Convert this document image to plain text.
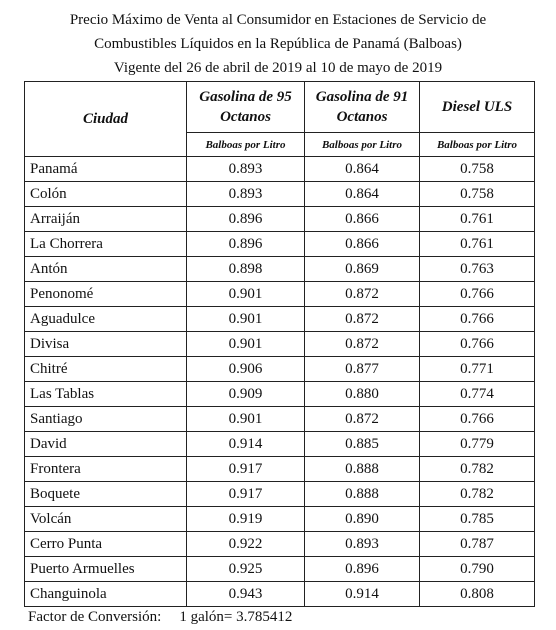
Precio Máximo de Venta al Consumidor en Estaciones de Servicio de
Combustibles Líquidos en la República de Panamá (Balboas)
Vigente del 26 de abril de 2019 al 10 de mayo de 2019
Ciudad	Gasolina de 95 Octanos	Gasolina de 91 Octanos	Diesel ULS
	Balboas por Litro	Balboas por Litro	Balboas por Litro
Panamá	0.893	0.864	0.758
Colón	0.893	0.864	0.758
Arraiján	0.896	0.866	0.761
La Chorrera	0.896	0.866	0.761
Antón	0.898	0.869	0.763
Penonomé	0.901	0.872	0.766
Aguadulce	0.901	0.872	0.766
Divisa	0.901	0.872	0.766
Chitré	0.906	0.877	0.771
Las Tablas	0.909	0.880	0.774
Santiago	0.901	0.872	0.766
David	0.914	0.885	0.779
Frontera	0.917	0.888	0.782
Boquete	0.917	0.888	0.782
Volcán	0.919	0.890	0.785
Cerro Punta	0.922	0.893	0.787
Puerto Armuelles	0.925	0.896	0.790
Changuinola	0.943	0.914	0.808
Factor de Conversión: 1 galón= 3.785412
